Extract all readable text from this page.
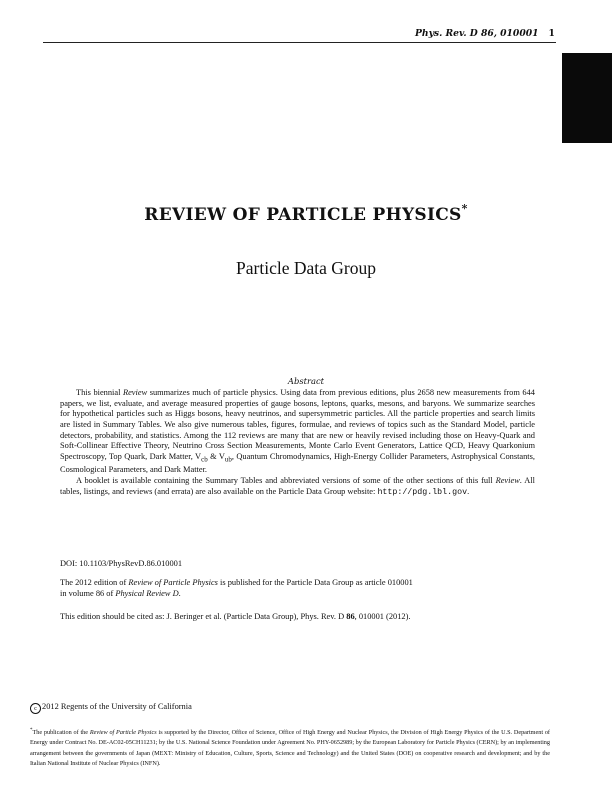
Phys. Rev. D 86, 010001 1
REVIEW OF PARTICLE PHYSICS*
Particle Data Group
Abstract

This biennial Review summarizes much of particle physics. Using data from previous editions, plus 2658 new measurements from 644 papers, we list, evaluate, and average measured properties of gauge bosons, leptons, quarks, mesons, and baryons. We summarize searches for hypothetical particles such as Higgs bosons, heavy neutrinos, and supersymmetric particles. All the particle properties and search limits are listed in Summary Tables. We also give numerous tables, figures, formulae, and reviews of topics such as the Standard Model, particle detectors, probability, and statistics. Among the 112 reviews are many that are new or heavily revised including those on Heavy-Quark and Soft-Collinear Effective Theory, Neutrino Cross Section Measurements, Monte Carlo Event Generators, Lattice QCD, Heavy Quarkonium Spectroscopy, Top Quark, Dark Matter, $V_{cb}$ & $V_{ub}$, Quantum Chromodynamics, High-Energy Collider Parameters, Astrophysical Constants, Cosmological Parameters, and Dark Matter.

A booklet is available containing the Summary Tables and abbreviated versions of some of the other sections of this full Review. All tables, listings, and reviews (and errata) are also available on the Particle Data Group website: http://pdg.lbl.gov.

DOI: 10.1103/PhysRevD.86.010001
The 2012 edition of Review of Particle Physics is published for the Particle Data Group as article 010001
in volume 86 of Physical Review D.
This edition should be cited as: J. Beringer et al. (Particle Data Group), Phys. Rev. D 86, 010001 (2012).
c 2012 Regents of the University of California
*The publication of the Review of Particle Physics is supported by the Director, Office of Science, Office of High Energy and Nuclear Physics, the Division of High Energy Physics of the U.S. Department of Energy under Contract No. DE-AC02-05CH11231; by the U.S. National Science Foundation under Agreement No. PHY-0652989; by the European Laboratory for Particle Physics (CERN); by an implementing arrangement between the governments of Japan (MEXT: Ministry of Education, Culture, Sports, Science and Technology) and the United States (DOE) on cooperative research and development; and by the Italian National Institute of Nuclear Physics (INFN).
